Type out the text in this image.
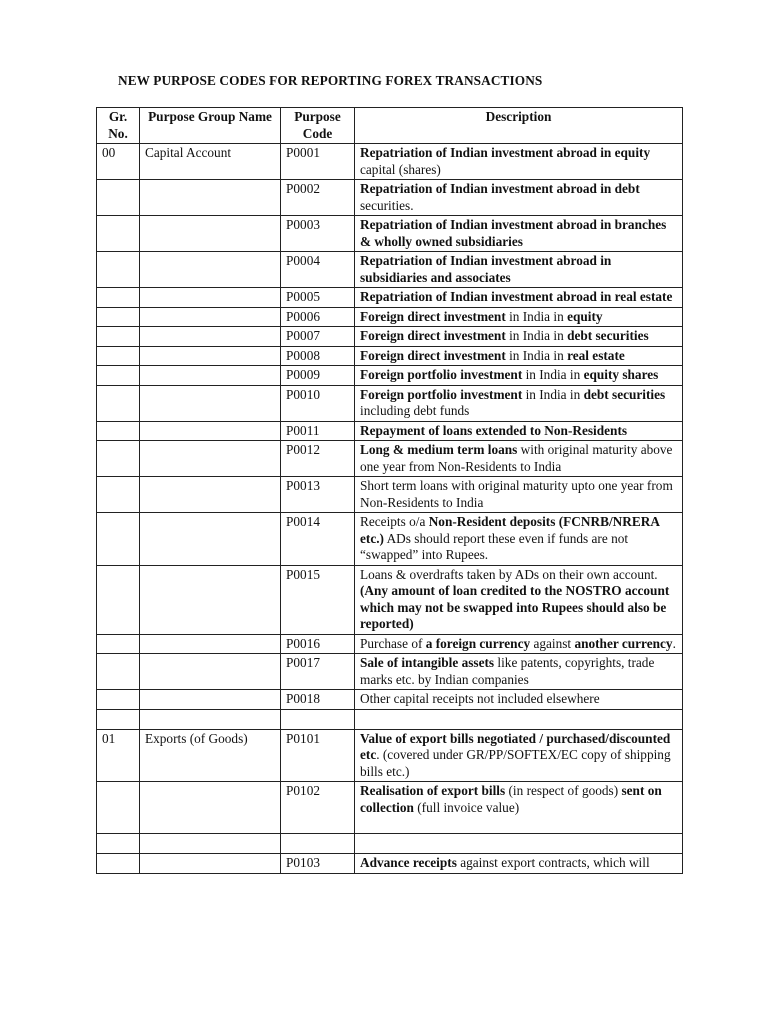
NEW PURPOSE CODES FOR REPORTING FOREX TRANSACTIONS
Gr. No.	Purpose Group Name	Purpose Code	Description
00	Capital Account	P0001	Repatriation of Indian investment abroad in equity capital (shares)
		P0002	Repatriation of Indian investment abroad in debt securities.
		P0003	Repatriation of Indian investment abroad in branches & wholly owned subsidiaries
		P0004	Repatriation of Indian investment abroad in subsidiaries and associates
		P0005	Repatriation of Indian investment abroad in real estate
		P0006	Foreign direct investment in India in equity
		P0007	Foreign direct investment in India in debt securities
		P0008	Foreign direct investment in India in real estate
		P0009	Foreign portfolio investment in India in equity shares
		P0010	Foreign portfolio investment in India in debt securities including debt funds
		P0011	Repayment of loans extended to Non-Residents
		P0012	Long & medium term loans with original maturity above one year from Non-Residents to India
		P0013	Short term loans with original maturity upto one year from Non-Residents to India
		P0014	Receipts o/a Non-Resident deposits (FCNRB/NRERA etc.) ADs should report these even if funds are not “swapped” into Rupees.
		P0015	Loans & overdrafts taken by ADs on their own account. (Any amount of loan credited to the NOSTRO account which may not be swapped into Rupees should also be reported)
		P0016	Purchase of a foreign currency against another currency.
		P0017	Sale of intangible assets like patents, copyrights, trade marks etc. by Indian companies
		P0018	Other capital receipts not included elsewhere

01	Exports (of Goods)	P0101	Value of export bills negotiated / purchased/discounted etc. (covered under GR/PP/SOFTEX/EC copy of shipping bills etc.)
		P0102	Realisation of export bills (in respect of goods) sent on collection (full invoice value)

		P0103	Advance receipts against export contracts, which will
